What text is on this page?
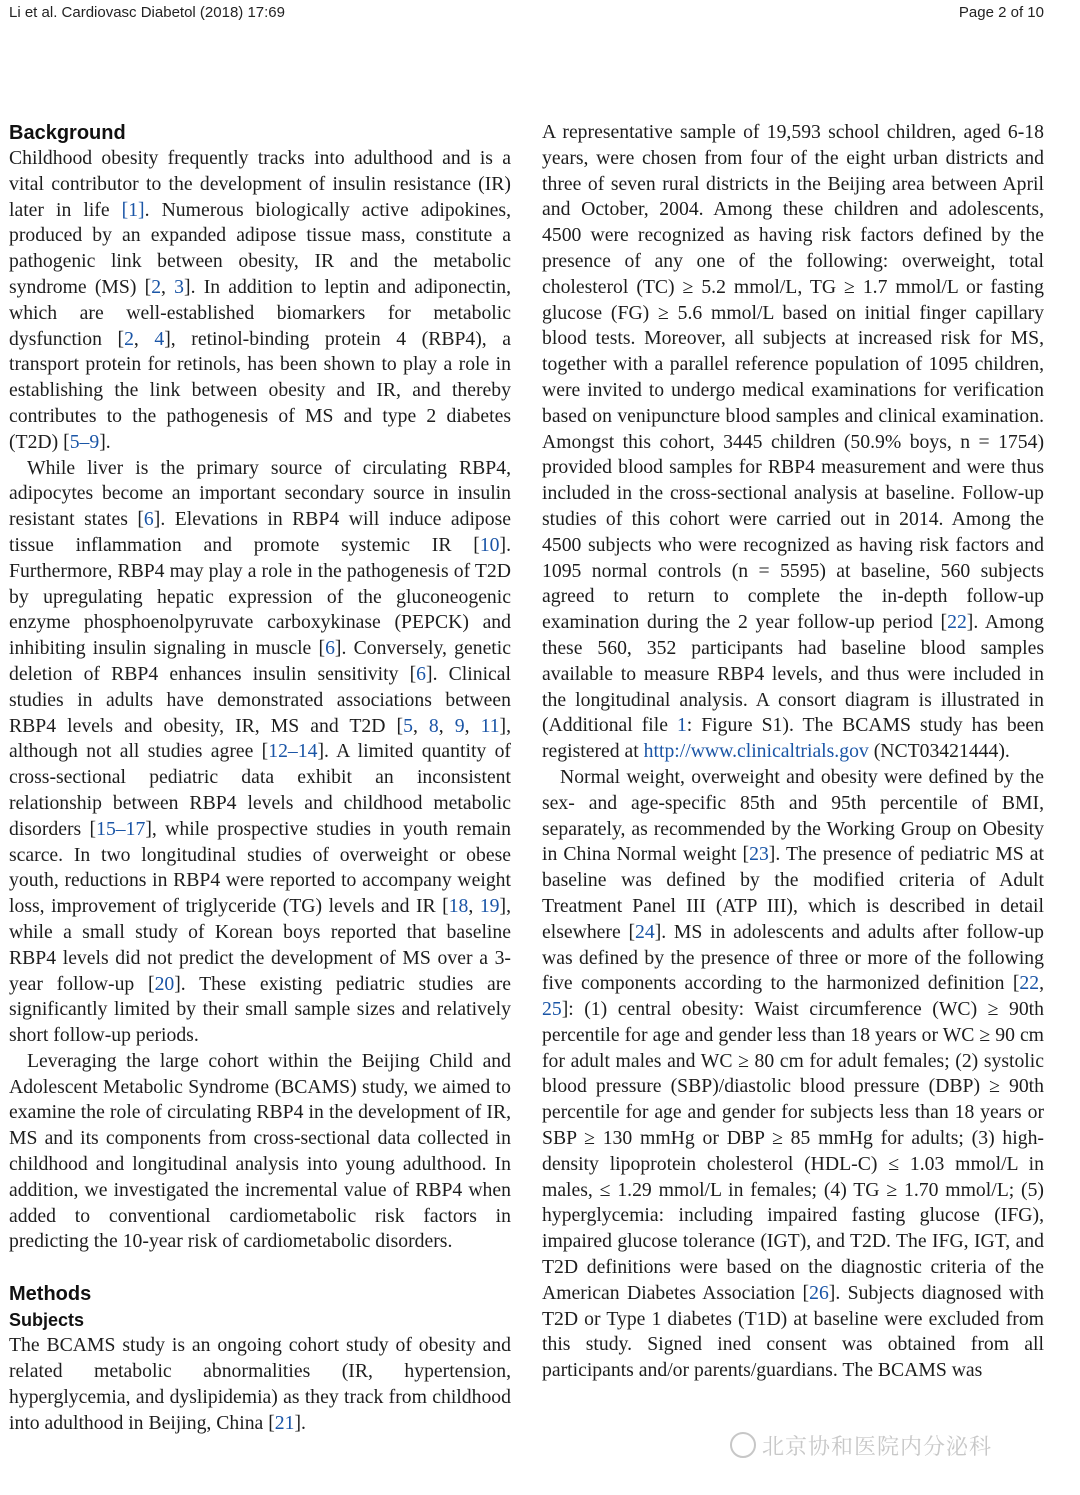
Li et al. Cardiovasc Diabetol (2018) 17:69	Page 2 of 10
Background

Childhood obesity frequently tracks into adulthood and is a vital contributor to the development of insulin resistance (IR) later in life [1]. Numerous biologically active adipokines, produced by an expanded adipose tissue mass, constitute a pathogenic link between obesity, IR and the metabolic syndrome (MS) [2, 3]. In addition to leptin and adiponectin, which are well-established biomarkers for metabolic dysfunction [2, 4], retinol-binding protein 4 (RBP4), a transport protein for retinols, has been shown to play a role in establishing the link between obesity and IR, and thereby contributes to the pathogenesis of MS and type 2 diabetes (T2D) [5–9].

While liver is the primary source of circulating RBP4, adipocytes become an important secondary source in insulin resistant states [6]. Elevations in RBP4 will induce adipose tissue inflammation and promote systemic IR [10]. Furthermore, RBP4 may play a role in the pathogenesis of T2D by upregulating hepatic expression of the gluconeogenic enzyme phosphoenolpyruvate carboxykinase (PEPCK) and inhibiting insulin signaling in muscle [6]. Conversely, genetic deletion of RBP4 enhances insulin sensitivity [6]. Clinical studies in adults have demonstrated associations between RBP4 levels and obesity, IR, MS and T2D [5, 8, 9, 11], although not all studies agree [12–14]. A limited quantity of cross-sectional pediatric data exhibit an inconsistent relationship between RBP4 levels and childhood metabolic disorders [15–17], while prospective studies in youth remain scarce. In two longitudinal studies of overweight or obese youth, reductions in RBP4 were reported to accompany weight loss, improvement of triglyceride (TG) levels and IR [18, 19], while a small study of Korean boys reported that baseline RBP4 levels did not predict the development of MS over a 3-year follow-up [20]. These existing pediatric studies are significantly limited by their small sample sizes and relatively short follow-up periods.

Leveraging the large cohort within the Beijing Child and Adolescent Metabolic Syndrome (BCAMS) study, we aimed to examine the role of circulating RBP4 in the development of IR, MS and its components from cross-sectional data collected in childhood and longitudinal analysis into young adulthood. In addition, we investigated the incremental value of RBP4 when added to conventional cardiometabolic risk factors in predicting the 10-year risk of cardiometabolic disorders.

Methods
Subjects

The BCAMS study is an ongoing cohort study of obesity and related metabolic abnormalities (IR, hypertension, hyperglycemia, and dyslipidemia) as they track from childhood into adulthood in Beijing, China [21].

A representative sample of 19,593 school children, aged 6-18 years, were chosen from four of the eight urban districts and three of seven rural districts in the Beijing area between April and October, 2004. Among these children and adolescents, 4500 were recognized as having risk factors defined by the presence of any one of the following: overweight, total cholesterol (TC) ≥ 5.2 mmol/L, TG ≥ 1.7 mmol/L or fasting glucose (FG) ≥ 5.6 mmol/L based on initial finger capillary blood tests. Moreover, all subjects at increased risk for MS, together with a parallel reference population of 1095 children, were invited to undergo medical examinations for verification based on venipuncture blood samples and clinical examination. Amongst this cohort, 3445 children (50.9% boys, n = 1754) provided blood samples for RBP4 measurement and were thus included in the cross-sectional analysis at baseline. Follow-up studies of this cohort were carried out in 2014. Among the 4500 subjects who were recognized as having risk factors and 1095 normal controls (n = 5595) at baseline, 560 subjects agreed to return to complete the in-depth follow-up examination during the 2 year follow-up period [22]. Among these 560, 352 participants had baseline blood samples available to measure RBP4 levels, and thus were included in the longitudinal analysis. A consort diagram is illustrated in (Additional file 1: Figure S1). The BCAMS study has been registered at http://www.clinicaltrials.gov (NCT03421444).

Normal weight, overweight and obesity were defined by the sex- and age-specific 85th and 95th percentile of BMI, separately, as recommended by the Working Group on Obesity in China Normal weight [23]. The presence of pediatric MS at baseline was defined by the modified criteria of Adult Treatment Panel III (ATP III), which is described in detail elsewhere [24]. MS in adolescents and adults after follow-up was defined by the presence of three or more of the following five components according to the harmonized definition [22, 25]: (1) central obesity: Waist circumference (WC) ≥ 90th percentile for age and gender less than 18 years or WC ≥ 90 cm for adult males and WC ≥ 80 cm for adult females; (2) systolic blood pressure (SBP)/diastolic blood pressure (DBP) ≥ 90th percentile for age and gender for subjects less than 18 years or SBP ≥ 130 mmHg or DBP ≥ 85 mmHg for adults; (3) high-density lipoprotein cholesterol (HDL-C) ≤ 1.03 mmol/L in males, ≤ 1.29 mmol/L in females; (4) TG ≥ 1.70 mmol/L; (5) hyperglycemia: including impaired fasting glucose (IFG), impaired glucose tolerance (IGT), and T2D. The IFG, IGT, and T2D definitions were based on the diagnostic criteria of the American Diabetes Association [26]. Subjects diagnosed with T2D or Type 1 diabetes (T1D) at baseline were excluded from this study. Signed ined consent was obtained from all participants and/or parents/guardians. The BCAMS was

北京协和医院内分泌科
